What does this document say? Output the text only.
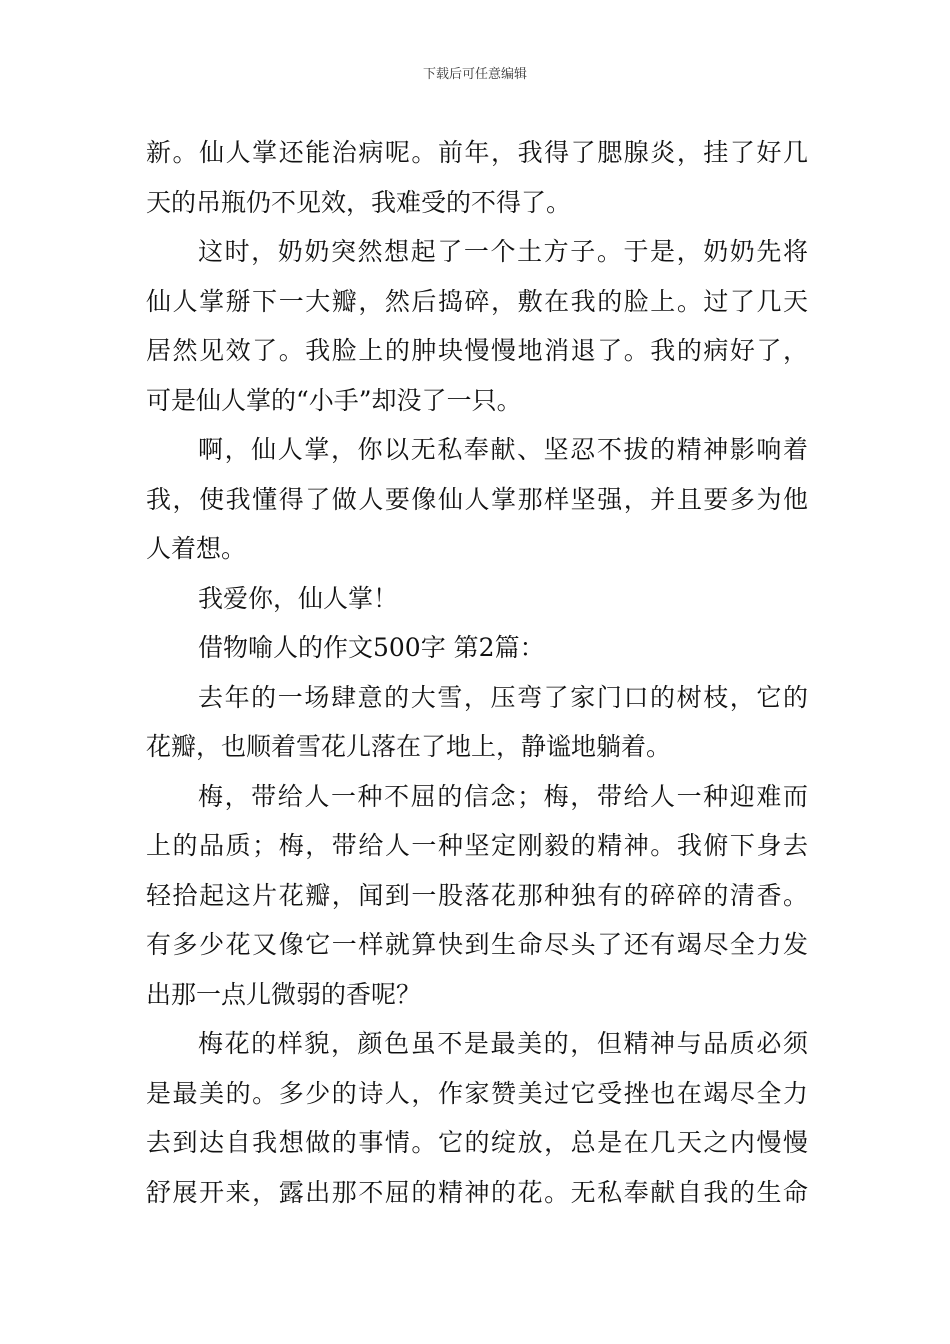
下载后可任意编辑
新。仙人掌还能治病呢。前年，我得了腮腺炎，挂了好几
天的吊瓶仍不见效，我难受的不得了。
这时，奶奶突然想起了一个土方子。于是，奶奶先将
仙人掌掰下一大瓣，然后捣碎，敷在我的脸上。过了几天
居然见效了。我脸上的肿块慢慢地消退了。我的病好了，
可是仙人掌的“小手”却没了一只。
啊，仙人掌，你以无私奉献、坚忍不拔的精神影响着
我，使我懂得了做人要像仙人掌那样坚强，并且要多为他
人着想。
我爱你，仙人掌！
借物喻人的作文500字 第2篇：
去年的一场肆意的大雪，压弯了家门口的树枝，它的
花瓣，也顺着雪花儿落在了地上，静谧地躺着。
梅，带给人一种不屈的信念；梅，带给人一种迎难而
上的品质；梅，带给人一种坚定刚毅的精神。我俯下身去
轻拾起这片花瓣，闻到一股落花那种独有的碎碎的清香。
有多少花又像它一样就算快到生命尽头了还有竭尽全力发
出那一点儿微弱的香呢？
梅花的样貌，颜色虽不是最美的，但精神与品质必须
是最美的。多少的诗人，作家赞美过它受挫也在竭尽全力
去到达自我想做的事情。它的绽放，总是在几天之内慢慢
舒展开来，露出那不屈的精神的花。无私奉献自我的生命
